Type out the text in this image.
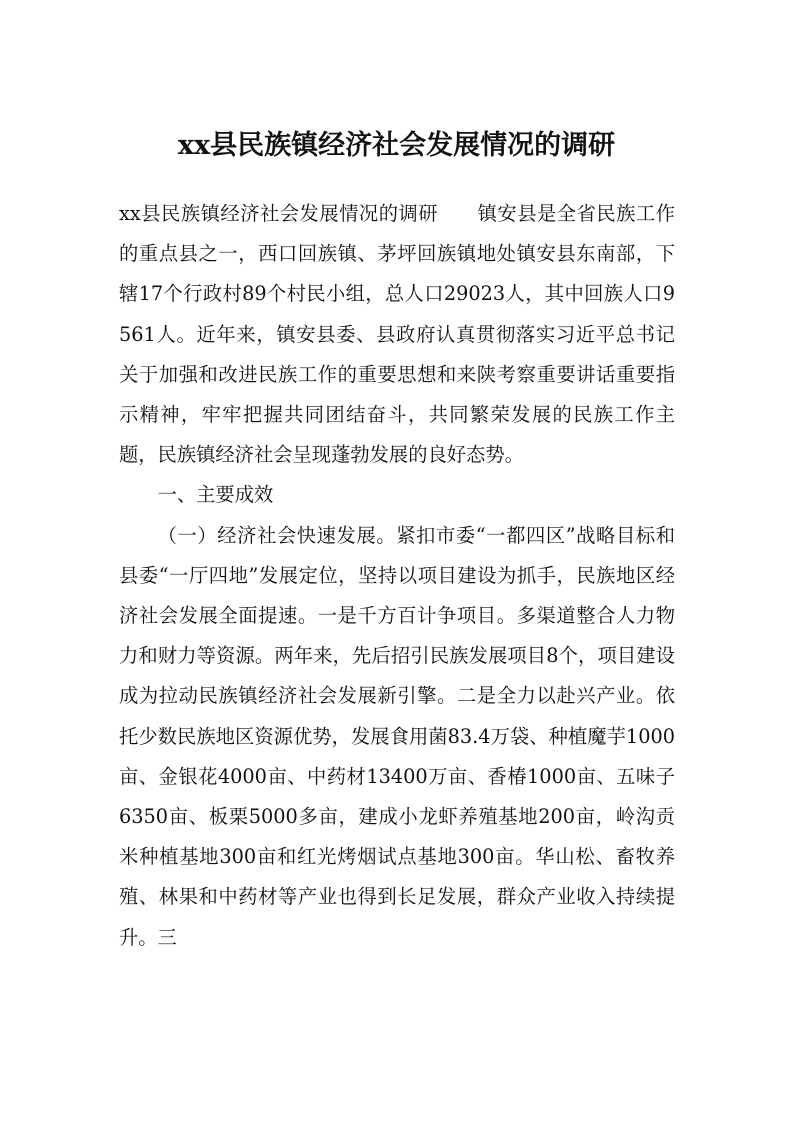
xx县民族镇经济社会发展情况的调研

xx县民族镇经济社会发展情况的调研　　镇安县是全省民族工作的重点县之一，西口回族镇、茅坪回族镇地处镇安县东南部，下辖17个行政村89个村民小组，总人口29023人，其中回族人口9561人。近年来，镇安县委、县政府认真贯彻落实习近平总书记关于加强和改进民族工作的重要思想和来陕考察重要讲话重要指示精神，牢牢把握共同团结奋斗，共同繁荣发展的民族工作主题，民族镇经济社会呈现蓬勃发展的良好态势。

一、主要成效

（一）经济社会快速发展。紧扣市委“一都四区”战略目标和县委“一厅四地”发展定位，坚持以项目建设为抓手，民族地区经济社会发展全面提速。一是千方百计争项目。多渠道整合人力物力和财力等资源。两年来，先后招引民族发展项目8个，项目建设成为拉动民族镇经济社会发展新引擎。二是全力以赴兴产业。依托少数民族地区资源优势，发展食用菌83.4万袋、种植魔芋1000亩、金银花4000亩、中药材13400万亩、香椿1000亩、五味子6350亩、板栗5000多亩，建成小龙虾养殖基地200亩，岭沟贡米种植基地300亩和红光烤烟试点基地300亩。华山松、畜牧养殖、林果和中药材等产业也得到长足发展，群众产业收入持续提升。三
